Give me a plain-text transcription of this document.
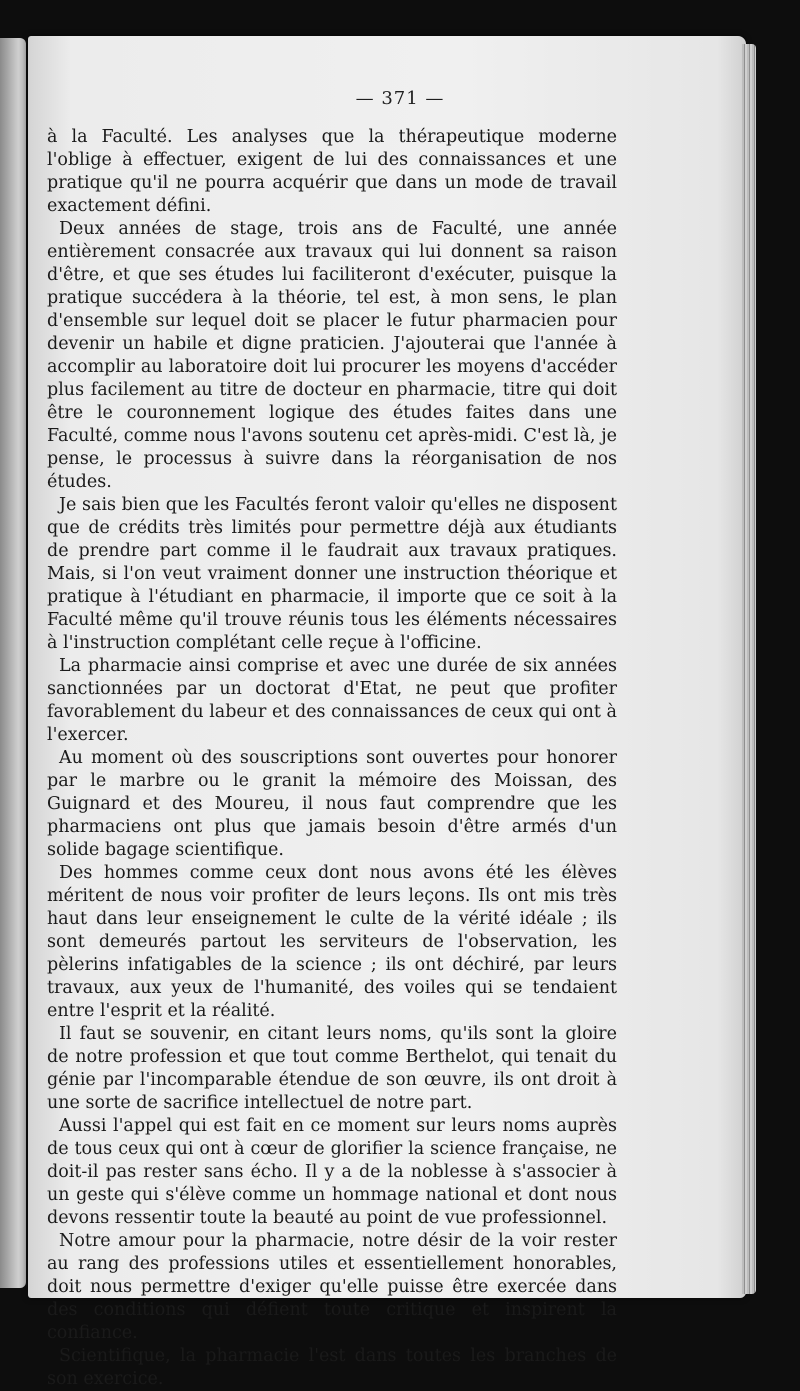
— 371 —

à la Faculté. Les analyses que la thérapeutique moderne l'oblige à effectuer, exigent de lui des connaissances et une pratique qu'il ne pourra acquérir que dans un mode de travail exactement défini.

Deux années de stage, trois ans de Faculté, une année entièrement consacrée aux travaux qui lui donnent sa raison d'être, et que ses études lui faciliteront d'exécuter, puisque la pratique succédera à la théorie, tel est, à mon sens, le plan d'ensemble sur lequel doit se placer le futur pharmacien pour devenir un habile et digne praticien. J'ajouterai que l'année à accomplir au laboratoire doit lui procurer les moyens d'accéder plus facilement au titre de docteur en pharmacie, titre qui doit être le couronnement logique des études faites dans une Faculté, comme nous l'avons soutenu cet après-midi. C'est là, je pense, le processus à suivre dans la réorganisation de nos études.

Je sais bien que les Facultés feront valoir qu'elles ne disposent que de crédits très limités pour permettre déjà aux étudiants de prendre part comme il le faudrait aux travaux pratiques. Mais, si l'on veut vraiment donner une instruction théorique et pratique à l'étudiant en pharmacie, il importe que ce soit à la Faculté même qu'il trouve réunis tous les éléments nécessaires à l'instruction complétant celle reçue à l'officine.

La pharmacie ainsi comprise et avec une durée de six années sanctionnées par un doctorat d'Etat, ne peut que profiter favorablement du labeur et des connaissances de ceux qui ont à l'exercer.

Au moment où des souscriptions sont ouvertes pour honorer par le marbre ou le granit la mémoire des Moissan, des Guignard et des Moureu, il nous faut comprendre que les pharmaciens ont plus que jamais besoin d'être armés d'un solide bagage scientifique.

Des hommes comme ceux dont nous avons été les élèves méritent de nous voir profiter de leurs leçons. Ils ont mis très haut dans leur enseignement le culte de la vérité idéale ; ils sont demeurés partout les serviteurs de l'observation, les pèlerins infatigables de la science ; ils ont déchiré, par leurs travaux, aux yeux de l'humanité, des voiles qui se tendaient entre l'esprit et la réalité.

Il faut se souvenir, en citant leurs noms, qu'ils sont la gloire de notre profession et que tout comme Berthelot, qui tenait du génie par l'incomparable étendue de son œuvre, ils ont droit à une sorte de sacrifice intellectuel de notre part.

Aussi l'appel qui est fait en ce moment sur leurs noms auprès de tous ceux qui ont à cœur de glorifier la science française, ne doit-il pas rester sans écho. Il y a de la noblesse à s'associer à un geste qui s'élève comme un hommage national et dont nous devons ressentir toute la beauté au point de vue professionnel.

Notre amour pour la pharmacie, notre désir de la voir rester au rang des professions utiles et essentiellement honorables, doit nous permettre d'exiger qu'elle puisse être exercée dans des conditions qui défient toute critique et inspirent la confiance.

Scientifique, la pharmacie l'est dans toutes les branches de son exercice.
